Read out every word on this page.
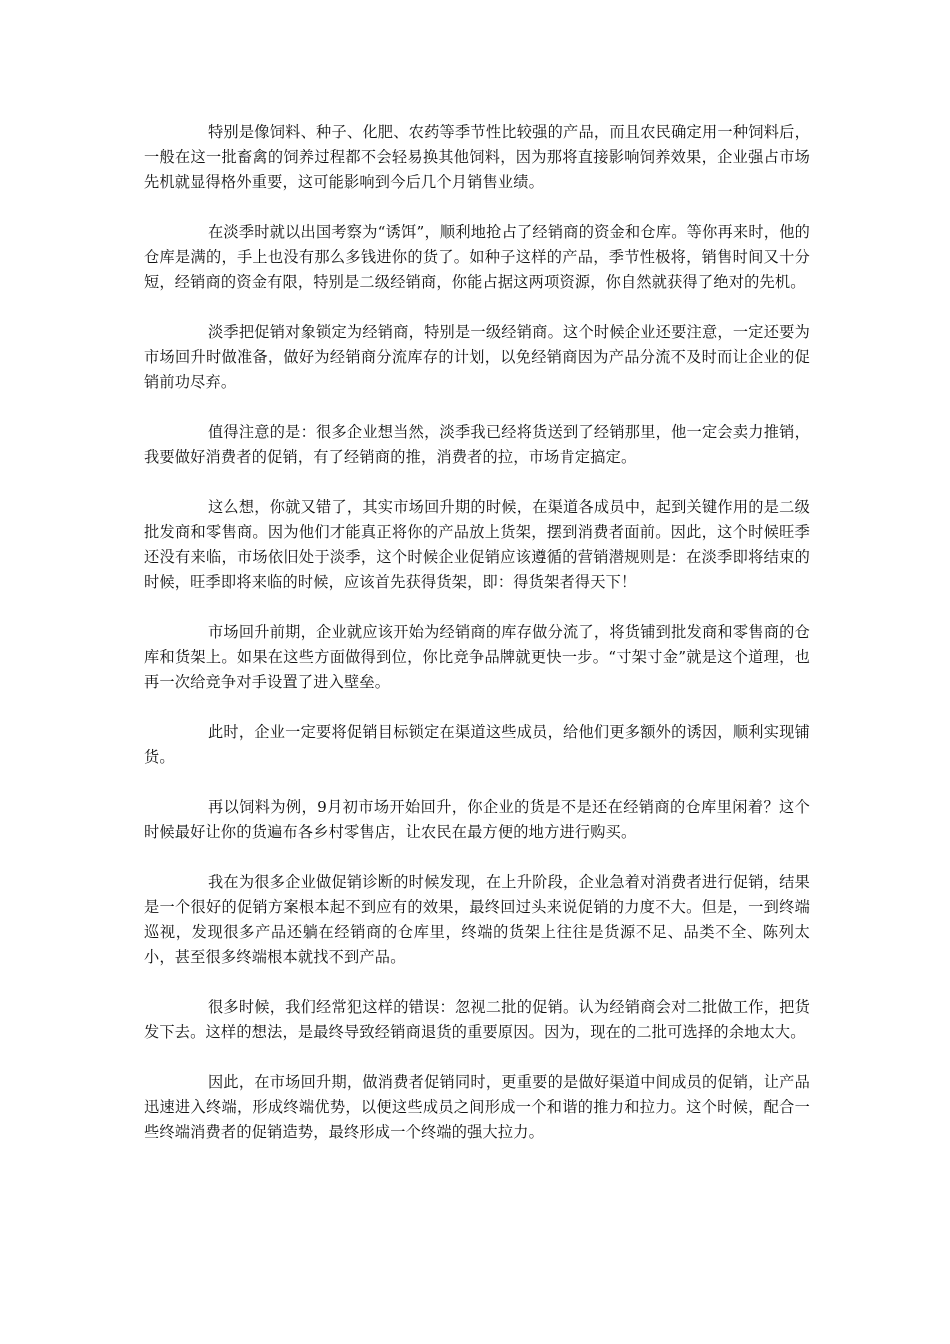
特别是像饲料、种子、化肥、农药等季节性比较强的产品，而且农民确定用一种饲料后，一般在这一批畜禽的饲养过程都不会轻易换其他饲料，因为那将直接影响饲养效果，企业强占市场先机就显得格外重要，这可能影响到今后几个月销售业绩。

在淡季时就以出国考察为“诱饵”，顺利地抢占了经销商的资金和仓库。等你再来时，他的仓库是满的，手上也没有那么多钱进你的货了。如种子这样的产品，季节性极将，销售时间又十分短，经销商的资金有限，特别是二级经销商，你能占据这两项资源，你自然就获得了绝对的先机。

淡季把促销对象锁定为经销商，特别是一级经销商。这个时候企业还要注意，一定还要为市场回升时做准备，做好为经销商分流库存的计划，以免经销商因为产品分流不及时而让企业的促销前功尽弃。

值得注意的是：很多企业想当然，淡季我已经将货送到了经销那里，他一定会卖力推销，我要做好消费者的促销，有了经销商的推，消费者的拉，市场肯定搞定。

这么想，你就又错了，其实市场回升期的时候，在渠道各成员中，起到关键作用的是二级批发商和零售商。因为他们才能真正将你的产品放上货架，摆到消费者面前。因此，这个时候旺季还没有来临，市场依旧处于淡季，这个时候企业促销应该遵循的营销潜规则是：在淡季即将结束的时候，旺季即将来临的时候，应该首先获得货架，即：得货架者得天下！

市场回升前期，企业就应该开始为经销商的库存做分流了，将货铺到批发商和零售商的仓库和货架上。如果在这些方面做得到位，你比竞争品牌就更快一步。“寸架寸金”就是这个道理，也再一次给竞争对手设置了进入壁垒。

此时，企业一定要将促销目标锁定在渠道这些成员，给他们更多额外的诱因，顺利实现铺货。

再以饲料为例，9月初市场开始回升，你企业的货是不是还在经销商的仓库里闲着？这个时候最好让你的货遍布各乡村零售店，让农民在最方便的地方进行购买。

我在为很多企业做促销诊断的时候发现，在上升阶段，企业急着对消费者进行促销，结果是一个很好的促销方案根本起不到应有的效果，最终回过头来说促销的力度不大。但是，一到终端巡视，发现很多产品还躺在经销商的仓库里，终端的货架上往往是货源不足、品类不全、陈列太小，甚至很多终端根本就找不到产品。

很多时候，我们经常犯这样的错误：忽视二批的促销。认为经销商会对二批做工作，把货发下去。这样的想法，是最终导致经销商退货的重要原因。因为，现在的二批可选择的余地太大。

因此，在市场回升期，做消费者促销同时，更重要的是做好渠道中间成员的促销，让产品迅速进入终端，形成终端优势，以便这些成员之间形成一个和谐的推力和拉力。这个时候，配合一些终端消费者的促销造势，最终形成一个终端的强大拉力。
